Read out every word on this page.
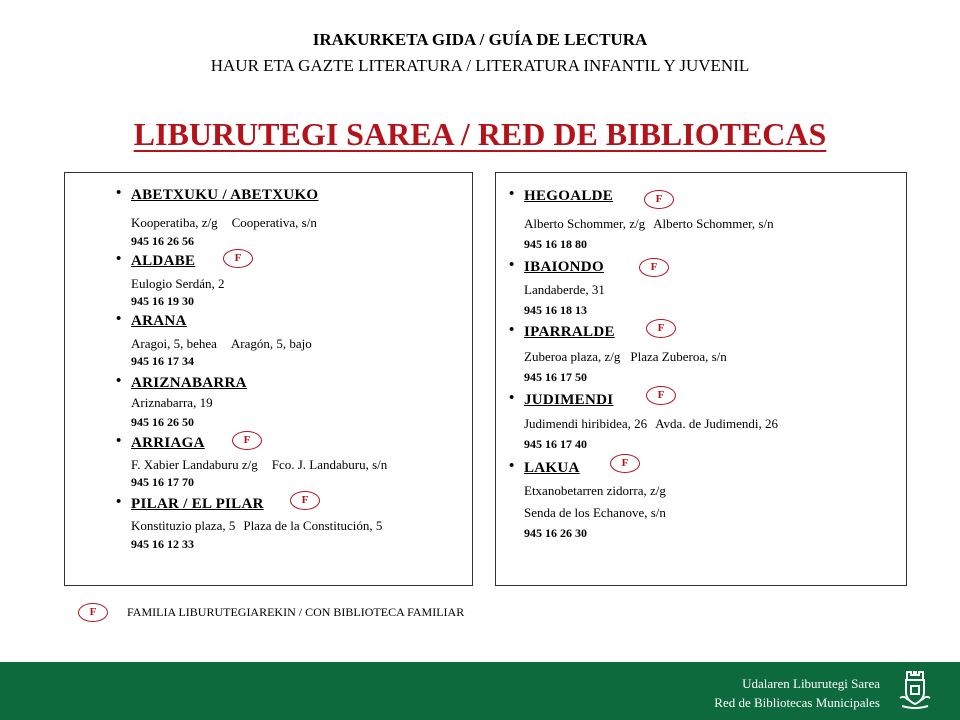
IRAKURKETA GIDA / GUÍA DE LECTURA
HAUR ETA GAZTE LITERATURA / LITERATURA INFANTIL Y JUVENIL
LIBURUTEGI SAREA / RED DE BIBLIOTECAS
• ABETXUKU / ABETXUKO
Kooperatiba, z/g Cooperativa, s/n
945 16 26 56
• ALDABE	F
Eulogio Serdán, 2
945 16 19 30
• ARANA
Aragoi, 5, behea Aragón, 5, bajo
945 16 17 34
• ARIZNABARRA
Ariznabarra, 19
945 16 26 50
• ARRIAGA	F
F. Xabier Landaburu z/g Fco. J. Landaburu, s/n
945 16 17 70
• PILAR / EL PILAR	F
Konstituzio plaza, 5 Plaza de la Constitución, 5
945 16 12 33
• HEGOALDE	F
Alberto Schommer, z/g Alberto Schommer, s/n
945 16 18 80
• IBAIONDO	F
Landaberde, 31
945 16 18 13
• IPARRALDE	F
Zuberoa plaza, z/g Plaza Zuberoa, s/n
945 16 17 50
• JUDIMENDI	F
Judimendi hiribidea, 26 Avda. de Judimendi, 26
945 16 17 40
• LAKUA	F
Etxanobetarren zidorra, z/g
Senda de los Echanove, s/n
945 16 26 30
F	FAMILIA LIBURUTEGIAREKIN / CON BIBLIOTECA FAMILIAR
Udalaren Liburutegi Sarea
Red de Bibliotecas Municipales
